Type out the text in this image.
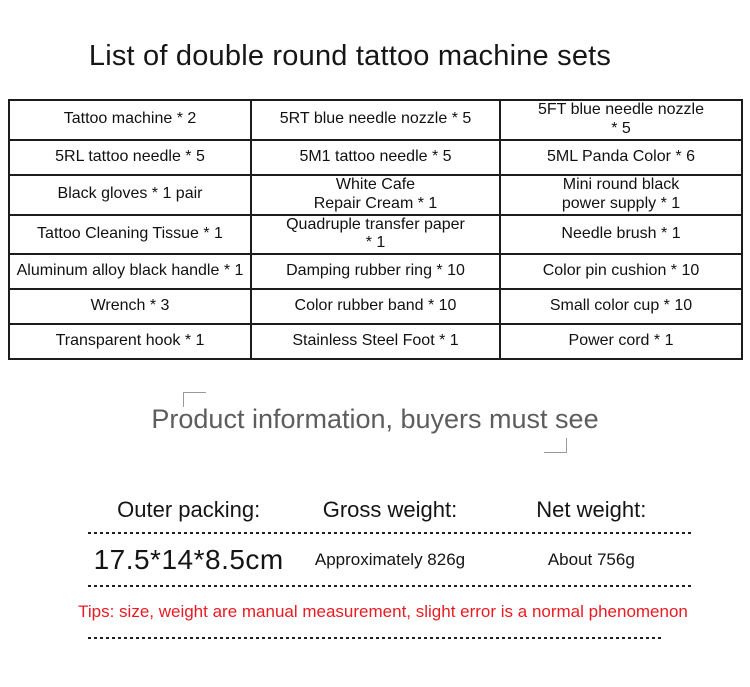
List of double round tattoo machine sets
Tattoo machine * 2	5RT blue needle nozzle * 5	5FT blue needle nozzle * 5
5RL tattoo needle * 5	5M1 tattoo needle * 5	5ML Panda Color * 6
Black gloves * 1 pair	White Cafe Repair Cream * 1	Mini round black power supply * 1
Tattoo Cleaning Tissue * 1	Quadruple transfer paper * 1	Needle brush * 1
Aluminum alloy black handle * 1	Damping rubber ring * 10	Color pin cushion * 10
Wrench * 3	Color rubber band * 10	Small color cup * 10
Transparent hook * 1	Stainless Steel Foot * 1	Power cord * 1
Product information, buyers must see
Outer packing:	Gross weight:	Net weight:
17.5*14*8.5cm	Approximately 826g	About 756g
Tips: size, weight are manual measurement, slight error is a normal phenomenon
